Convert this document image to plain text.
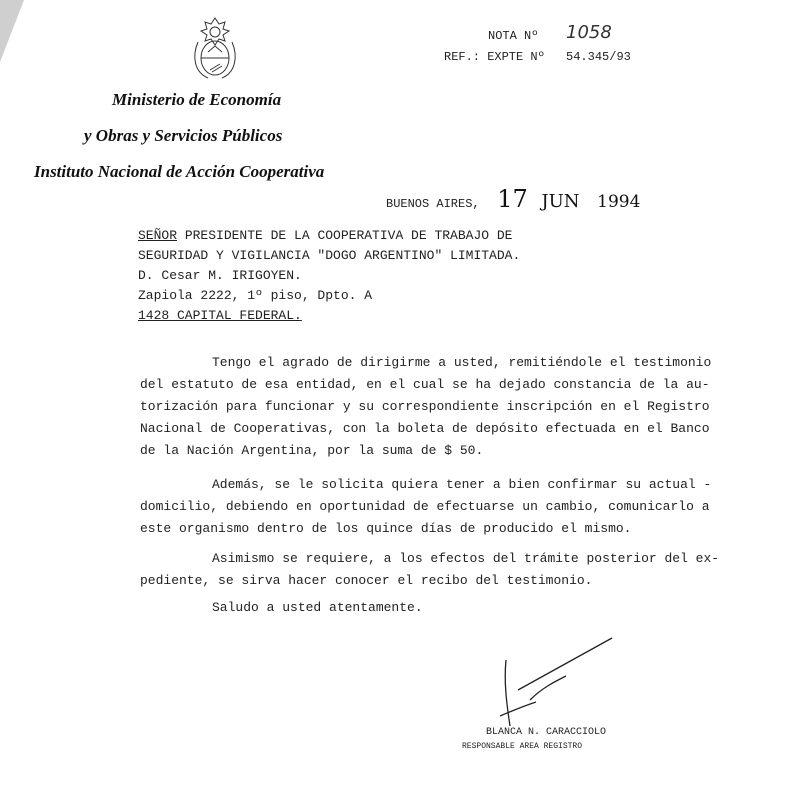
NOTA Nº 1058
REF.: EXPTE Nº 54.345/93
Ministerio de Economía
y Obras y Servicios Públicos
Instituto Nacional de Acción Cooperativa
BUENOS AIRES, 17 JUN 1994
SEÑOR PRESIDENTE DE LA COOPERATIVA DE TRABAJO DE
SEGURIDAD Y VIGILANCIA "DOGO ARGENTINO" LIMITADA.
D. Cesar M. IRIGOYEN.
Zapiola 2222, 1º piso, Dpto. A
1428 CAPITAL FEDERAL.

Tengo el agrado de dirigirme a usted, remitiéndole el testimonio

del estatuto de esa entidad, en el cual se ha dejado constancia de la au-

torización para funcionar y su correspondiente inscripción en el Registro

Nacional de Cooperativas, con la boleta de depósito efectuada en el Banco

de la Nación Argentina, por la suma de $ 50.

Además, se le solicita quiera tener a bien confirmar su actual -

domicilio, debiendo en oportunidad de efectuarse un cambio, comunicarlo a

este organismo dentro de los quince días de producido el mismo.

Asimismo se requiere, a los efectos del trámite posterior del ex-

pediente, se sirva hacer conocer el recibo del testimonio.

Saludo a usted atentamente.
BLANCA N. CARACCIOLO
RESPONSABLE AREA REGISTRO
